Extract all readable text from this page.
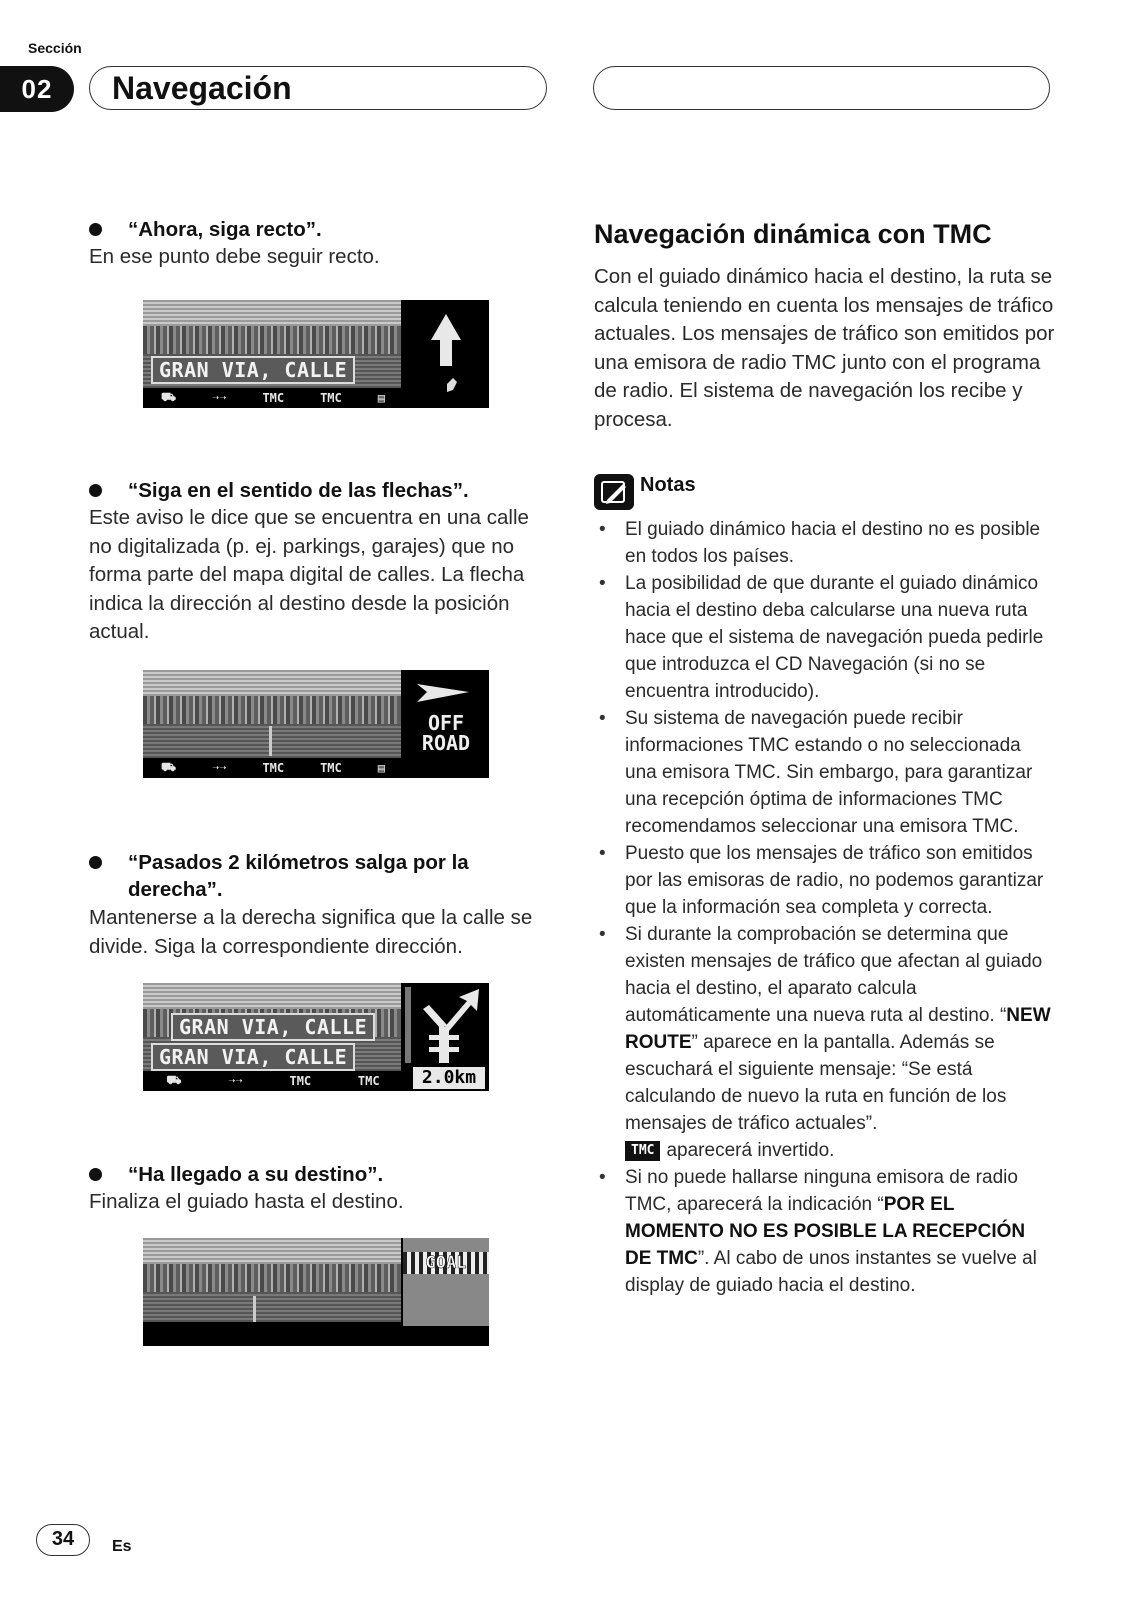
Sección
02	Navegación
“Ahora, siga recto”.
En ese punto debe seguir recto.
GRAN VIA, CALLE
⛟	➝➝	TMC	TMC	▤
“Siga en el sentido de las flechas”.
Este aviso le dice que se encuentra en una calle no digitalizada (p. ej. parkings, garajes) que no forma parte del mapa digital de calles. La flecha indica la dirección al destino desde la posición actual.
OFF
ROAD
⛟	➝➝	TMC	TMC	▤
“Pasados 2 kilómetros salga por la derecha”.
Mantenerse a la derecha significa que la calle se divide. Siga la correspondiente dirección.
GRAN VIA, CALLE
GRAN VIA, CALLE
2.0km
⛟	➝➝	TMC	TMC
“Ha llegado a su destino”.
Finaliza el guiado hasta el destino.
GOAL
Navegación dinámica con TMC
Con el guiado dinámico hacia el destino, la ruta se calcula teniendo en cuenta los mensajes de tráfico actuales. Los mensajes de tráfico son emitidos por una emisora de radio TMC junto con el programa de radio. El sistema de navegación los recibe y procesa.
Notas
• El guiado dinámico hacia el destino no es posible en todos los países.
• La posibilidad de que durante el guiado dinámico hacia el destino deba calcularse una nueva ruta hace que el sistema de navegación pueda pedirle que introduzca el CD Navegación (si no se encuentra introducido).
• Su sistema de navegación puede recibir informaciones TMC estando o no seleccionada una emisora TMC. Sin embargo, para garantizar una recepción óptima de informaciones TMC recomendamos seleccionar una emisora TMC.
• Puesto que los mensajes de tráfico son emitidos por las emisoras de radio, no podemos garantizar que la información sea completa y correcta.
• Si durante la comprobación se determina que existen mensajes de tráfico que afectan al guiado hacia el destino, el aparato calcula automáticamente una nueva ruta al destino. “NEW ROUTE” aparece en la pantalla. Además se escuchará el siguiente mensaje: “Se está calculando de nuevo la ruta en función de los mensajes de tráfico actuales”.
TMC aparecerá invertido.
• Si no puede hallarse ninguna emisora de radio TMC, aparecerá la indicación “POR EL MOMENTO NO ES POSIBLE LA RECEPCIÓN DE TMC”. Al cabo de unos instantes se vuelve al display de guiado hacia el destino.
34	Es
